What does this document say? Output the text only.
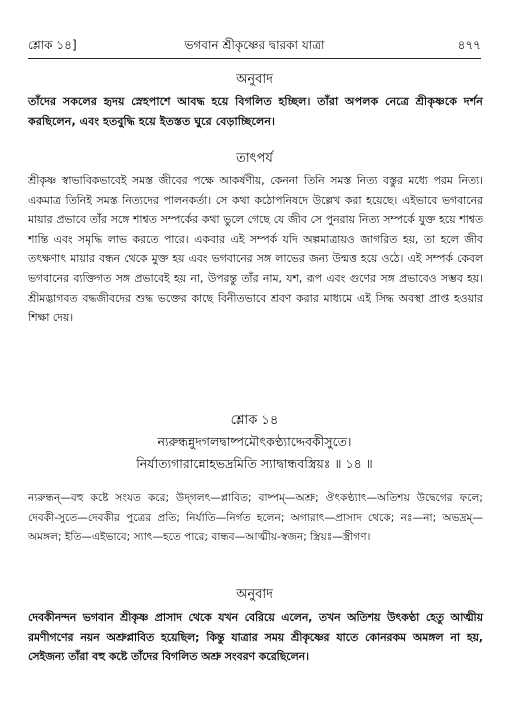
শ্লোক ১৪]	ভগবান শ্রীকৃষ্ণের দ্বারকা যাত্রা	৪৭৭
অনুবাদ
তাঁদের সকলের হৃদয় স্নেহপাশে আবদ্ধ হয়ে বিগলিত হচ্ছিল। তাঁরা অপলক নেত্রে শ্রীকৃষ্ণকে দর্শন করছিলেন, এবং হতবুদ্ধি হয়ে ইতস্তত ঘুরে বেড়াচ্ছিলেন।
তাৎপর্য
শ্রীকৃষ্ণ স্বাভাবিকভাবেই সমস্ত জীবের পক্ষে আকর্ষণীয়, কেননা তিনি সমস্ত নিত্য বস্তুর মধ্যে পরম নিত্য। একমাত্র তিনিই সমস্ত নিত্যদের পালনকর্তা। সে কথা কঠোপনিষদে উল্লেখ করা হয়েছে। এইভাবে ভগবানের মায়ার প্রভাবে তাঁর সঙ্গে শাশ্বত সম্পর্কের কথা ভুলে গেছে যে জীব সে পুনরায় নিত্য সম্পর্কে যুক্ত হয়ে শাশ্বত শান্তি এবং সমৃদ্ধি লাভ করতে পারে। একবার এই সম্পর্ক যদি অল্পমাত্রায়ও জাগরিত হয়, তা হলে জীব তৎক্ষণাৎ মায়ার বন্ধন থেকে মুক্ত হয় এবং ভগবানের সঙ্গ লাভের জন্য উন্মত্ত হয়ে ওঠে। এই সম্পর্ক কেবল ভগবানের ব্যক্তিগত সঙ্গ প্রভাবেই হয় না, উপরন্তু তাঁর নাম, যশ, রূপ এবং গুণের সঙ্গ প্রভাবেও সম্ভব হয়। শ্রীমদ্ভাগবত বদ্ধজীবদের শুদ্ধ ভক্তের কাছে বিনীতভাবে শ্রবণ করার মাধ্যমে এই সিদ্ধ অবস্থা প্রাপ্ত হওয়ার শিক্ষা দেয়।
শ্লোক ১৪
ন্যরুন্ধন্নুদগলদ্বাষ্পমৌৎকণ্ঠ্যাদ্দেবকীসুতে।
নির্যাত্যগারান্নোহভদ্রমিতি স্যাদ্বান্ধবস্ত্রিয়ঃ ॥ ১৪ ॥
ন্যরুন্ধন্—বহু কষ্টে সংযত করে; উদ্‌গলৎ—প্লাবিত; বাষ্পম্—অশ্রু; ঔৎকণ্ঠ্যাৎ—অতিশয় উদ্বেগের ফলে; দেবকী-সুতে—দেবকীর পুত্রের প্রতি; নির্যাতি—নির্গত হলেন; অগারাৎ—প্রাসাদ থেকে; নঃ—না; অভদ্রম্—অমঙ্গল; ইতি—এইভাবে; স্যাৎ—হতে পারে; বান্ধব—আত্মীয়-স্বজন; স্ত্রিয়ঃ—স্ত্রীগণ।
অনুবাদ
দেবকীনন্দন ভগবান শ্রীকৃষ্ণ প্রাসাদ থেকে যখন বেরিয়ে এলেন, তখন অতিশয় উৎকণ্ঠা হেতু আত্মীয় রমণীগণের নয়ন অশ্রুপ্লাবিত হয়েছিল; কিন্তু যাত্রার সময় শ্রীকৃষ্ণের যাতে কোনরকম অমঙ্গল না হয়, সেইজন্য তাঁরা বহু কষ্টে তাঁদের বিগলিত অশ্রু সংবরণ করেছিলেন।
